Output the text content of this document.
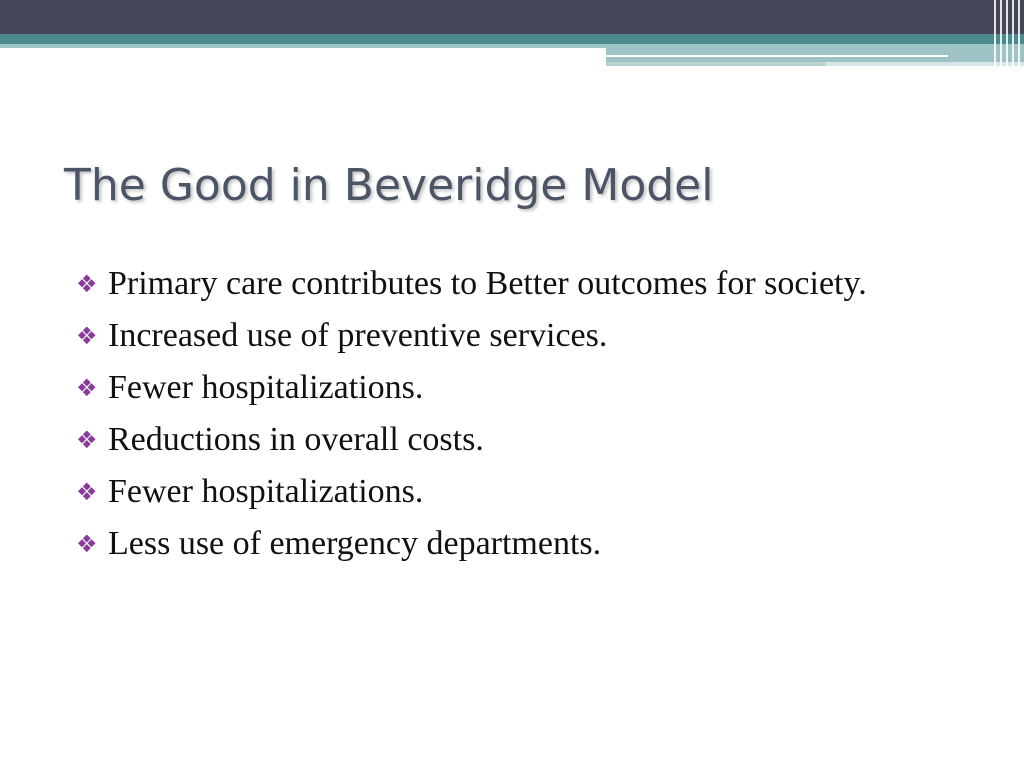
The Good in Beveridge Model
❖ Primary care contributes to Better outcomes for society.
❖ Increased use of preventive services.
❖ Fewer hospitalizations.
❖ Reductions in overall costs.
❖ Fewer hospitalizations.
❖ Less use of emergency departments.
